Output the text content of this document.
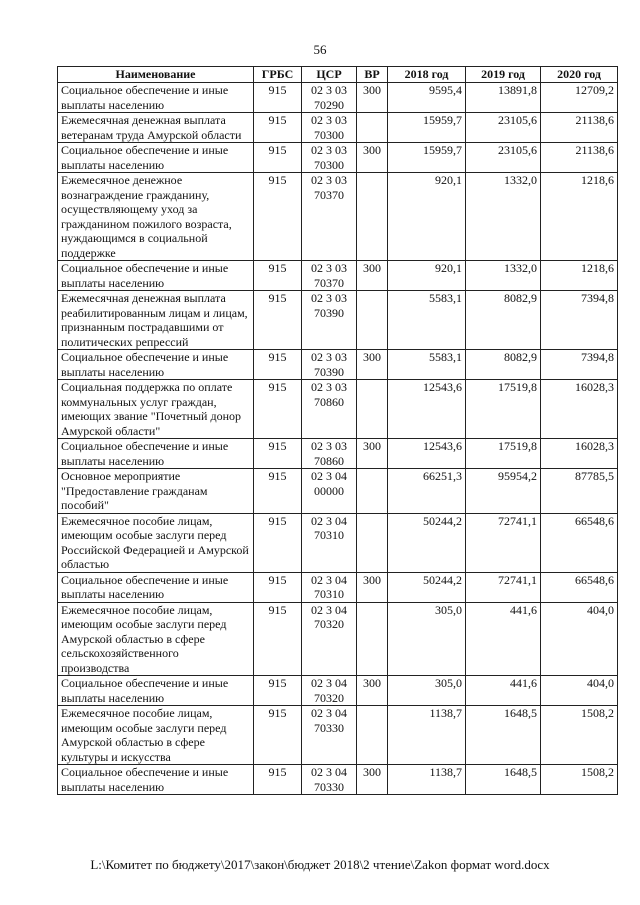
56
Наименование	ГРБС	ЦСР	ВР	2018 год	2019 год	2020 год
Социальное обеспечение и иные выплаты населению	915	02 3 03 70290	300	9595,4	13891,8	12709,2
Ежемесячная денежная выплата ветеранам труда Амурской области	915	02 3 03 70300		15959,7	23105,6	21138,6
Социальное обеспечение и иные выплаты населению	915	02 3 03 70300	300	15959,7	23105,6	21138,6
Ежемесячное денежное вознаграждение гражданину, осуществляющему уход за гражданином пожилого возраста, нуждающимся в социальной поддержке	915	02 3 03 70370		920,1	1332,0	1218,6
Социальное обеспечение и иные выплаты населению	915	02 3 03 70370	300	920,1	1332,0	1218,6
Ежемесячная денежная выплата реабилитированным лицам и лицам, признанным пострадавшими от политических репрессий	915	02 3 03 70390		5583,1	8082,9	7394,8
Социальное обеспечение и иные выплаты населению	915	02 3 03 70390	300	5583,1	8082,9	7394,8
Социальная поддержка по оплате коммунальных услуг граждан, имеющих звание "Почетный донор Амурской области"	915	02 3 03 70860		12543,6	17519,8	16028,3
Социальное обеспечение и иные выплаты населению	915	02 3 03 70860	300	12543,6	17519,8	16028,3
Основное мероприятие "Предоставление гражданам пособий"	915	02 3 04 00000		66251,3	95954,2	87785,5
Ежемесячное пособие лицам, имеющим особые заслуги перед Российской Федерацией и Амурской областью	915	02 3 04 70310		50244,2	72741,1	66548,6
Социальное обеспечение и иные выплаты населению	915	02 3 04 70310	300	50244,2	72741,1	66548,6
Ежемесячное пособие лицам, имеющим особые заслуги перед Амурской областью в сфере сельскохозяйственного производства	915	02 3 04 70320		305,0	441,6	404,0
Социальное обеспечение и иные выплаты населению	915	02 3 04 70320	300	305,0	441,6	404,0
Ежемесячное пособие лицам, имеющим особые заслуги перед Амурской областью в сфере культуры и искусства	915	02 3 04 70330		1138,7	1648,5	1508,2
Социальное обеспечение и иные выплаты населению	915	02 3 04 70330	300	1138,7	1648,5	1508,2
L:\Комитет по бюджету\2017\закон\бюджет 2018\2 чтение\Zakon формат word.docx
